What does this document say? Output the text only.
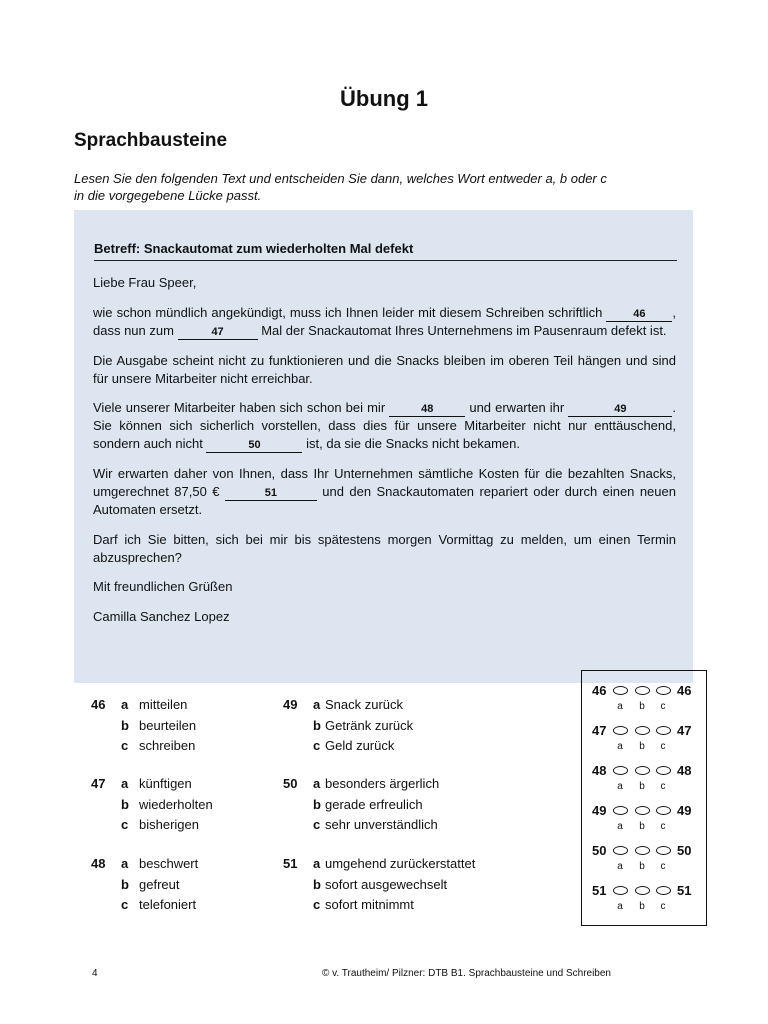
Übung 1
Sprachbausteine
Lesen Sie den folgenden Text und entscheiden Sie dann, welches Wort entweder a, b oder c
in die vorgegebene Lücke passt.
Betreff: Snackautomat zum wiederholten Mal defekt

Liebe Frau Speer,

wie schon mündlich angekündigt, muss ich Ihnen leider mit diesem Schreiben schriftlich	46 , dass nun zum	47	Mal der Snackautomat Ihres Unternehmens im Pausenraum defekt ist.

Die Ausgabe scheint nicht zu funktionieren und die Snacks bleiben im oberen Teil hängen und sind für unsere Mitarbeiter nicht erreichbar.

Viele unserer Mitarbeiter haben sich schon bei mir	48	und erwarten ihr	49	. Sie können sich sicherlich vorstellen, dass dies für unsere Mitarbeiter nicht nur enttäuschend, sondern auch nicht	50	ist, da sie die Snacks nicht bekamen.

Wir erwarten daher von Ihnen, dass Ihr Unternehmen sämtliche Kosten für die bezahlten Snacks, umgerechnet 87,50 €	51	und den Snackautomaten repariert oder durch einen neuen Automaten ersetzt.

Darf ich Sie bitten, sich bei mir bis spätestens morgen Vormittag zu melden, um einen Termin abzusprechen?

Mit freundlichen Grüßen

Camilla Sanchez Lopez

46	a mitteilen
b beurteilen
c schreiben
47	a künftigen
b wiederholten
c bisherigen
48	a beschwert
b gefreut
c telefoniert
49	a Snack zurück
b Getränk zurück
c Geld zurück
50	a besonders ärgerlich
b gerade erfreulich
c sehr unverständlich
51	a umgehend zurückerstattet
b sofort ausgewechselt
c sofort mitnimmt
46	46
a	b	c
47	47
a	b	c
48	48
a	b	c
49	49
a	b	c
50	50
a	b	c
51	51
a	b	c
4	© v. Trautheim/ Pilzner: DTB B1. Sprachbausteine und Schreiben
